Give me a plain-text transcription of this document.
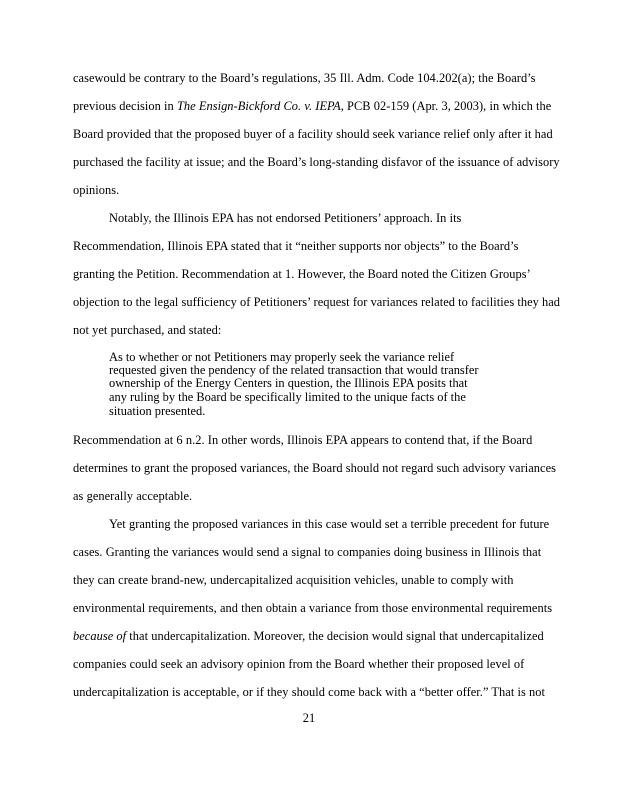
casewould be contrary to the Board’s regulations, 35 Ill. Adm. Code 104.202(a); the Board’s
previous decision in The Ensign-Bickford Co. v. IEPA, PCB 02-159 (Apr. 3, 2003), in which the
Board provided that the proposed buyer of a facility should seek variance relief only after it had
purchased the facility at issue; and the Board’s long-standing disfavor of the issuance of advisory
opinions.
Notably, the Illinois EPA has not endorsed Petitioners’ approach. In its
Recommendation, Illinois EPA stated that it “neither supports nor objects” to the Board’s
granting the Petition. Recommendation at 1. However, the Board noted the Citizen Groups’
objection to the legal sufficiency of Petitioners’ request for variances related to facilities they had
not yet purchased, and stated:
As to whether or not Petitioners may properly seek the variance relief
requested given the pendency of the related transaction that would transfer
ownership of the Energy Centers in question, the Illinois EPA posits that
any ruling by the Board be specifically limited to the unique facts of the
situation presented.
Recommendation at 6 n.2. In other words, Illinois EPA appears to contend that, if the Board
determines to grant the proposed variances, the Board should not regard such advisory variances
as generally acceptable.
Yet granting the proposed variances in this case would set a terrible precedent for future
cases. Granting the variances would send a signal to companies doing business in Illinois that
they can create brand-new, undercapitalized acquisition vehicles, unable to comply with
environmental requirements, and then obtain a variance from those environmental requirements
because of that undercapitalization. Moreover, the decision would signal that undercapitalized
companies could seek an advisory opinion from the Board whether their proposed level of
undercapitalization is acceptable, or if they should come back with a “better offer.” That is not
21
